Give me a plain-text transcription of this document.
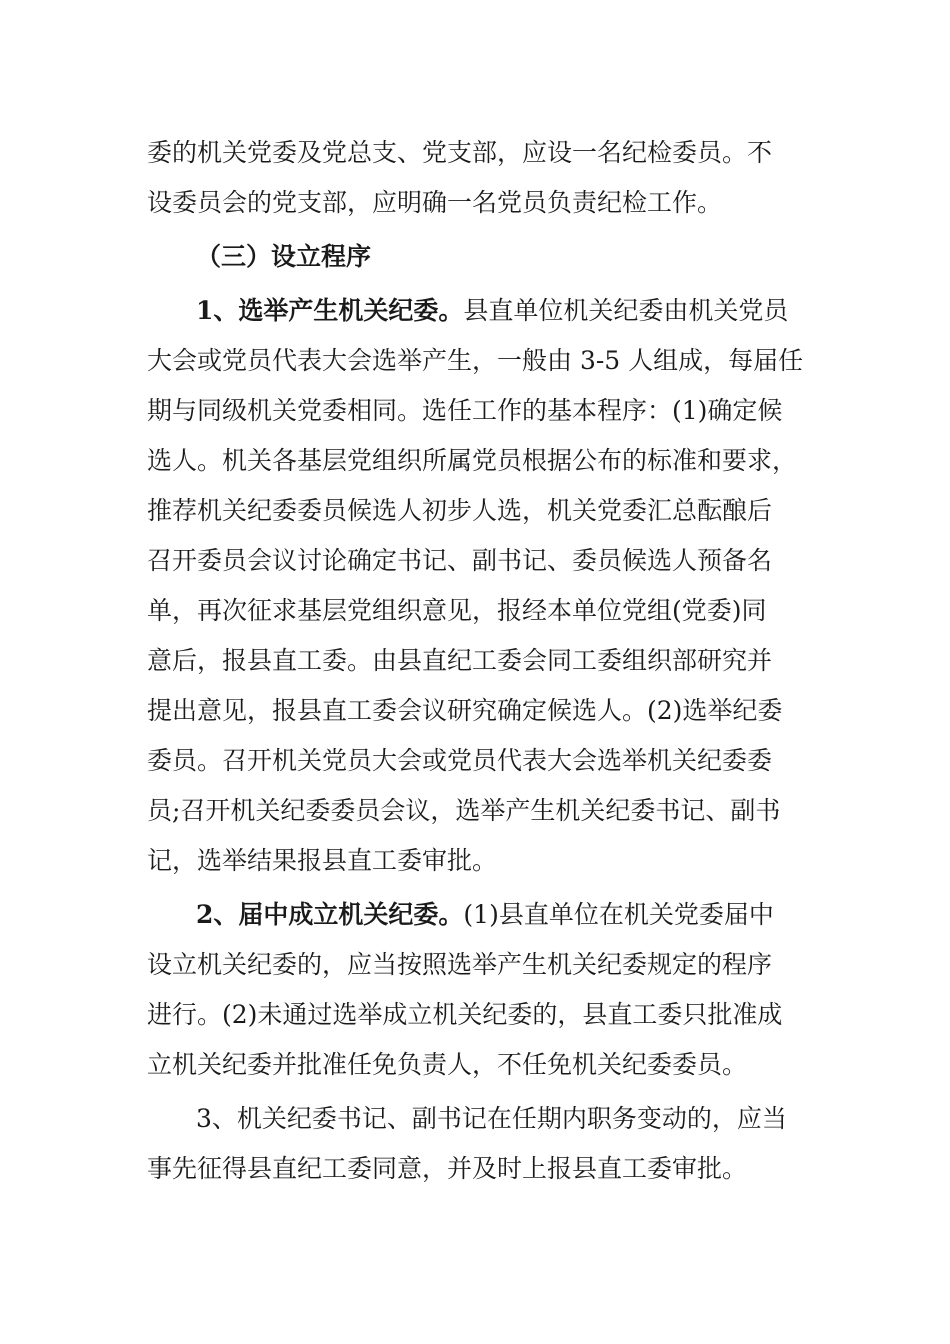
委的机关党委及党总支、党支部，应设一名纪检委员。不

设委员会的党支部，应明确一名党员负责纪检工作。

（三）设立程序

1、选举产生机关纪委。县直单位机关纪委由机关党员

大会或党员代表大会选举产生，一般由 3-5 人组成，每届任

期与同级机关党委相同。选任工作的基本程序：(1)确定候

选人。机关各基层党组织所属党员根据公布的标准和要求，

推荐机关纪委委员候选人初步人选，机关党委汇总酝酿后

召开委员会议讨论确定书记、副书记、委员候选人预备名

单，再次征求基层党组织意见，报经本单位党组(党委)同

意后，报县直工委。由县直纪工委会同工委组织部研究并

提出意见，报县直工委会议研究确定候选人。(2)选举纪委

委员。召开机关党员大会或党员代表大会选举机关纪委委

员;召开机关纪委委员会议，选举产生机关纪委书记、副书

记，选举结果报县直工委审批。

2、届中成立机关纪委。(1)县直单位在机关党委届中

设立机关纪委的，应当按照选举产生机关纪委规定的程序

进行。(2)未通过选举成立机关纪委的，县直工委只批准成

立机关纪委并批准任免负责人，不任免机关纪委委员。

3、机关纪委书记、副书记在任期内职务变动的，应当

事先征得县直纪工委同意，并及时上报县直工委审批。
